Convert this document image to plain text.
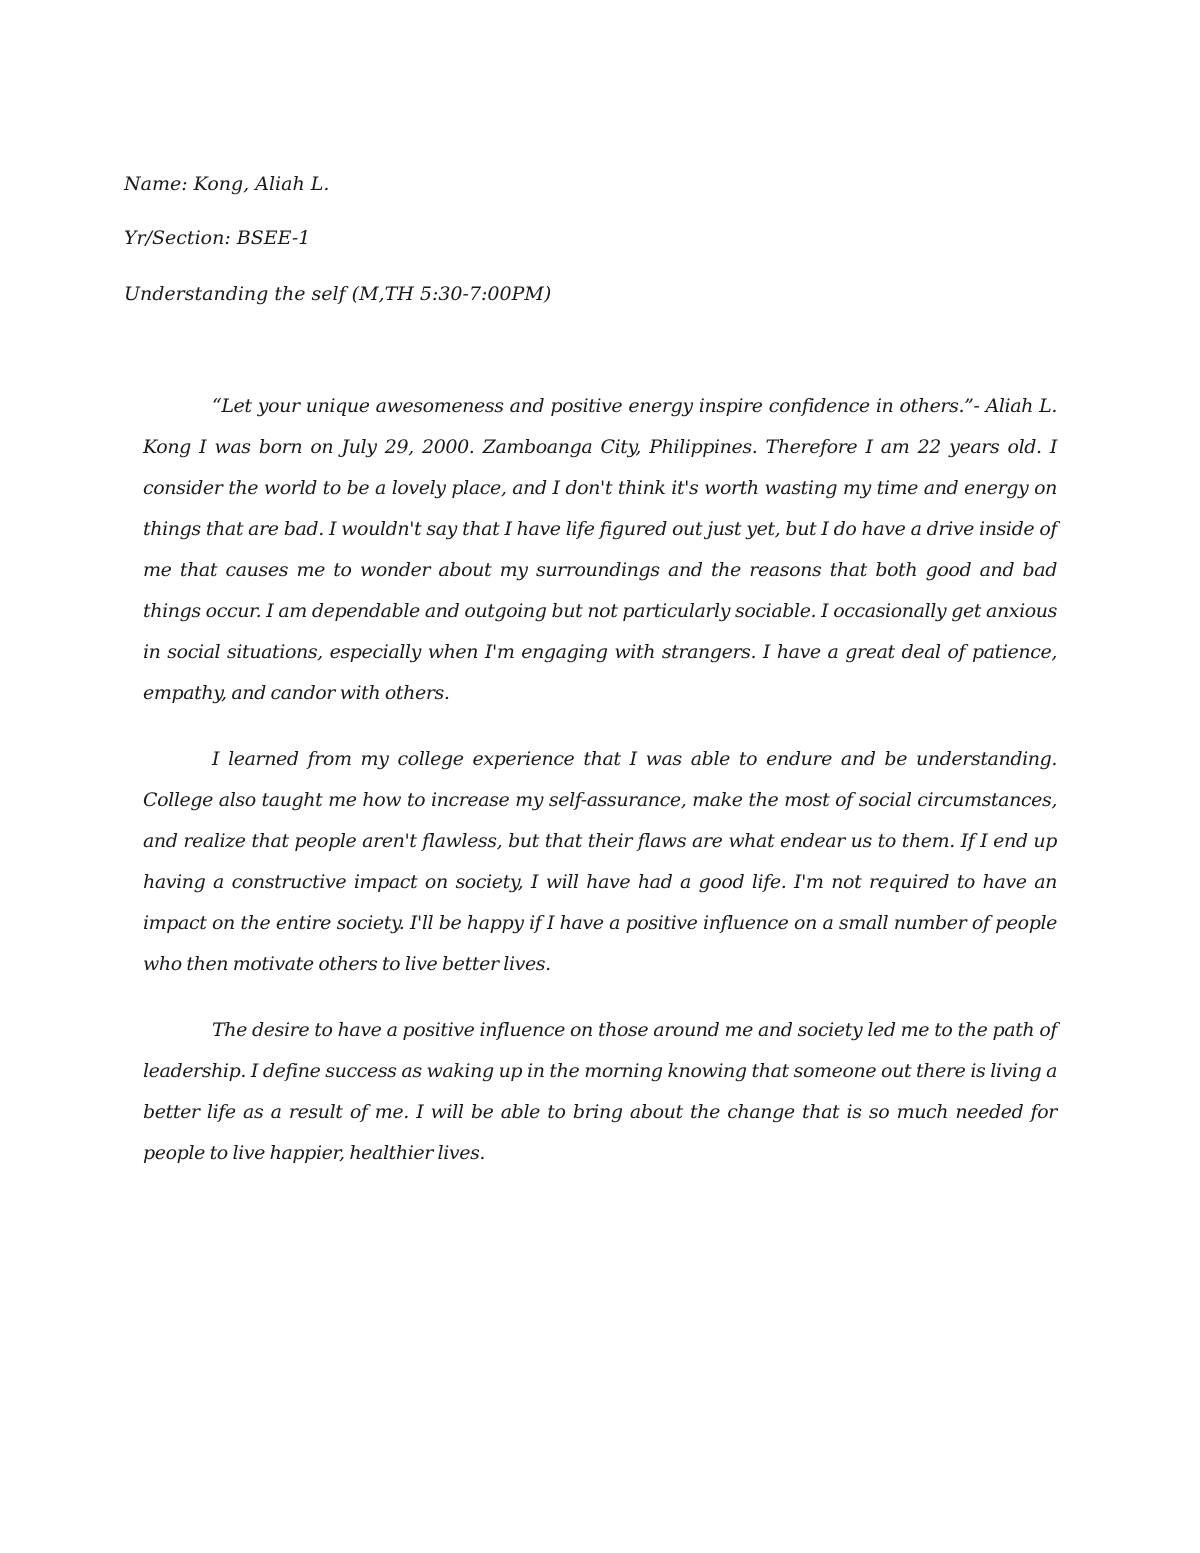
Name: Kong, Aliah L.
Yr/Section: BSEE-1
Understanding the self (M,TH 5:30-7:00PM)

“Let your unique awesomeness and positive energy inspire confidence in others.”- Aliah L. Kong I was born on July 29, 2000. Zamboanga City, Philippines. Therefore I am 22 years old. I consider the world to be a lovely place, and I don't think it's worth wasting my time and energy on things that are bad. I wouldn't say that I have life figured out just yet, but I do have a drive inside of me that causes me to wonder about my surroundings and the reasons that both good and bad things occur. I am dependable and outgoing but not particularly sociable. I occasionally get anxious in social situations, especially when I'm engaging with strangers. I have a great deal of patience, empathy, and candor with others.

I learned from my college experience that I was able to endure and be understanding. College also taught me how to increase my self-assurance, make the most of social circumstances, and realize that people aren't flawless, but that their flaws are what endear us to them. If I end up having a constructive impact on society, I will have had a good life. I'm not required to have an impact on the entire society. I'll be happy if I have a positive influence on a small number of people who then motivate others to live better lives.

The desire to have a positive influence on those around me and society led me to the path of leadership. I define success as waking up in the morning knowing that someone out there is living a better life as a result of me. I will be able to bring about the change that is so much needed for people to live happier, healthier lives.
